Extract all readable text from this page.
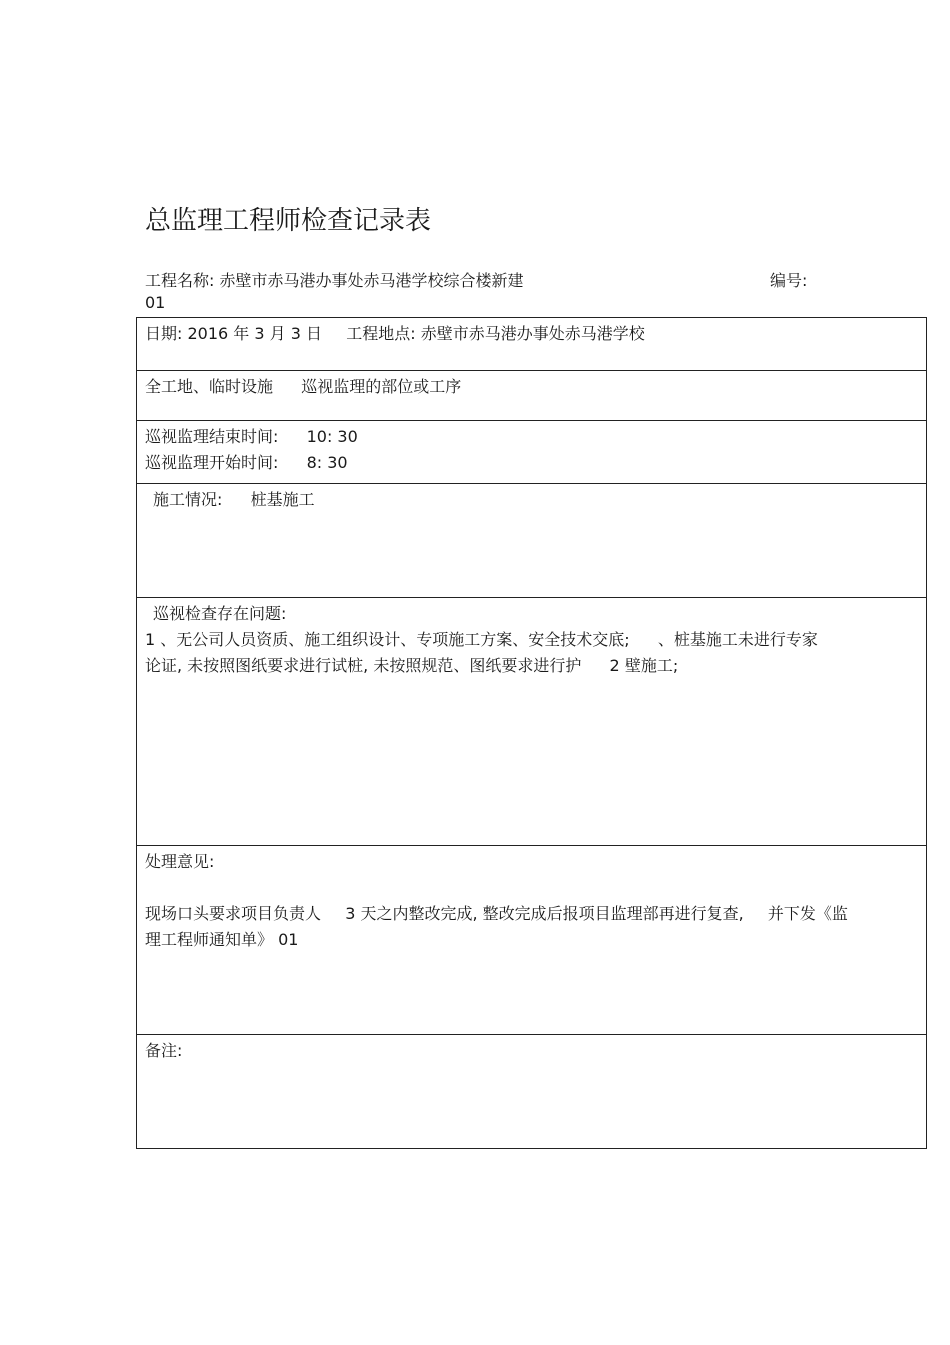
总监理工程师检查记录表
工程名称: 赤壁市赤马港办事处赤马港学校综合楼新建	编号:
01
日期: 2016 年 3 月 3 日 工程地点: 赤壁市赤马港办事处赤马港学校
全工地、临时设施 巡视监理的部位或工序
巡视监理结束时间: 10: 30
巡视监理开始时间: 8: 30
施工情况: 桩基施工
巡视检查存在问题:
1 、无公司人员资质、施工组织设计、专项施工方案、安全技术交底; 、桩基施工未进行专家
论证, 未按照图纸要求进行试桩, 未按照规范、图纸要求进行护 2 壁施工;
处理意见:
现场口头要求项目负责人 3 天之内整改完成, 整改完成后报项目监理部再进行复查, 并下发《监
理工程师通知单》 01
备注:
